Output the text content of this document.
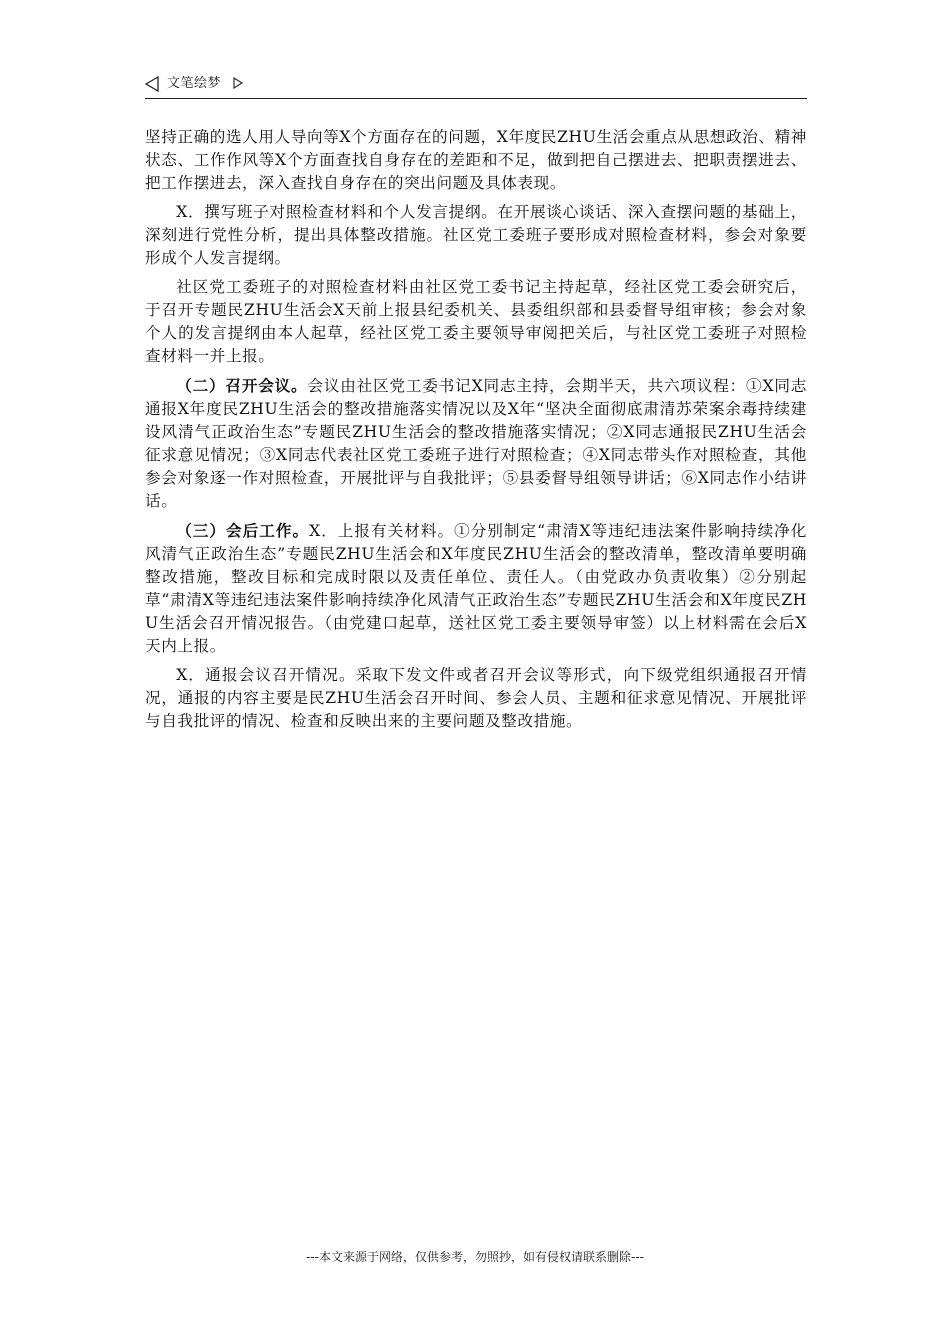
文笔绘梦

坚持正确的选人用人导向等X个方面存在的问题，X年度民ZHU生活会重点从思想政治、精神状态、工作作风等X个方面查找自身存在的差距和不足，做到把自己摆进去、把职责摆进去、把工作摆进去，深入查找自身存在的突出问题及具体表现。

X．撰写班子对照检查材料和个人发言提纲。在开展谈心谈话、深入查摆问题的基础上，深刻进行党性分析，提出具体整改措施。社区党工委班子要形成对照检查材料，参会对象要形成个人发言提纲。

社区党工委班子的对照检查材料由社区党工委书记主持起草，经社区党工委会研究后，于召开专题民ZHU生活会X天前上报县纪委机关、县委组织部和县委督导组审核；参会对象个人的发言提纲由本人起草，经社区党工委主要领导审阅把关后，与社区党工委班子对照检查材料一并上报。

（二）召开会议。会议由社区党工委书记X同志主持，会期半天，共六项议程：①X同志通报X年度民ZHU生活会的整改措施落实情况以及X年“坚决全面彻底肃清苏荣案余毒持续建设风清气正政治生态”专题民ZHU生活会的整改措施落实情况；②X同志通报民ZHU生活会征求意见情况；③X同志代表社区党工委班子进行对照检查；④X同志带头作对照检查，其他参会对象逐一作对照检查，开展批评与自我批评；⑤县委督导组领导讲话；⑥X同志作小结讲话。

（三）会后工作。X．上报有关材料。①分别制定“肃清X等违纪违法案件影响持续净化风清气正政治生态”专题民ZHU生活会和X年度民ZHU生活会的整改清单，整改清单要明确整改措施，整改目标和完成时限以及责任单位、责任人。（由党政办负责收集）②分别起草“肃清X等违纪违法案件影响持续净化风清气正政治生态”专题民ZHU生活会和X年度民ZHU生活会召开情况报告。（由党建口起草，送社区党工委主要领导审签）以上材料需在会后X天内上报。

X．通报会议召开情况。采取下发文件或者召开会议等形式，向下级党组织通报召开情况，通报的内容主要是民ZHU生活会召开时间、参会人员、主题和征求意见情况、开展批评与自我批评的情况、检查和反映出来的主要问题及整改措施。

---本文来源于网络，仅供参考，勿照抄，如有侵权请联系删除---
